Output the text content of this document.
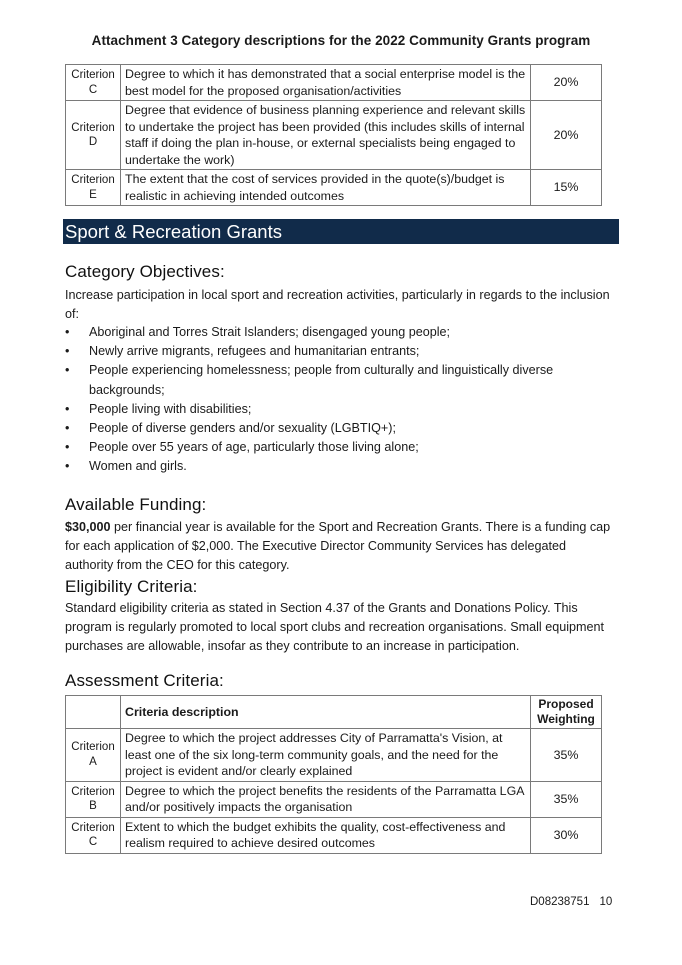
Attachment 3 Category descriptions for the 2022 Community Grants program
Criterion C	Degree to which it has demonstrated that a social enterprise model is the best model for the proposed organisation/activities	20%
Criterion D	Degree that evidence of business planning experience and relevant skills to undertake the project has been provided (this includes skills of internal staff if doing the plan in-house, or external specialists being engaged to undertake the work)	20%
Criterion E	The extent that the cost of services provided in the quote(s)/budget is realistic in achieving intended outcomes	15%
Sport & Recreation Grants
Category Objectives:
Increase participation in local sport and recreation activities, particularly in regards to the inclusion of:
•	Aboriginal and Torres Strait Islanders; disengaged young people;
•	Newly arrive migrants, refugees and humanitarian entrants;
•	People experiencing homelessness; people from culturally and linguistically diverse backgrounds;
•	People living with disabilities;
•	People of diverse genders and/or sexuality (LGBTIQ+);
•	People over 55 years of age, particularly those living alone;
•	Women and girls.
Available Funding:
$30,000 per financial year is available for the Sport and Recreation Grants. There is a funding cap for each application of $2,000. The Executive Director Community Services has delegated authority from the CEO for this category.
Eligibility Criteria:
Standard eligibility criteria as stated in Section 4.37 of the Grants and Donations Policy. This program is regularly promoted to local sport clubs and recreation organisations. Small equipment purchases are allowable, insofar as they contribute to an increase in participation.
Assessment Criteria:
	Criteria description	Proposed Weighting
Criterion A	Degree to which the project addresses City of Parramatta's Vision, at least one of the six long-term community goals, and the need for the project is evident and/or clearly explained	35%
Criterion B	Degree to which the project benefits the residents of the Parramatta LGA and/or positively impacts the organisation	35%
Criterion C	Extent to which the budget exhibits the quality, cost-effectiveness and realism required to achieve desired outcomes	30%
D08238751 10
